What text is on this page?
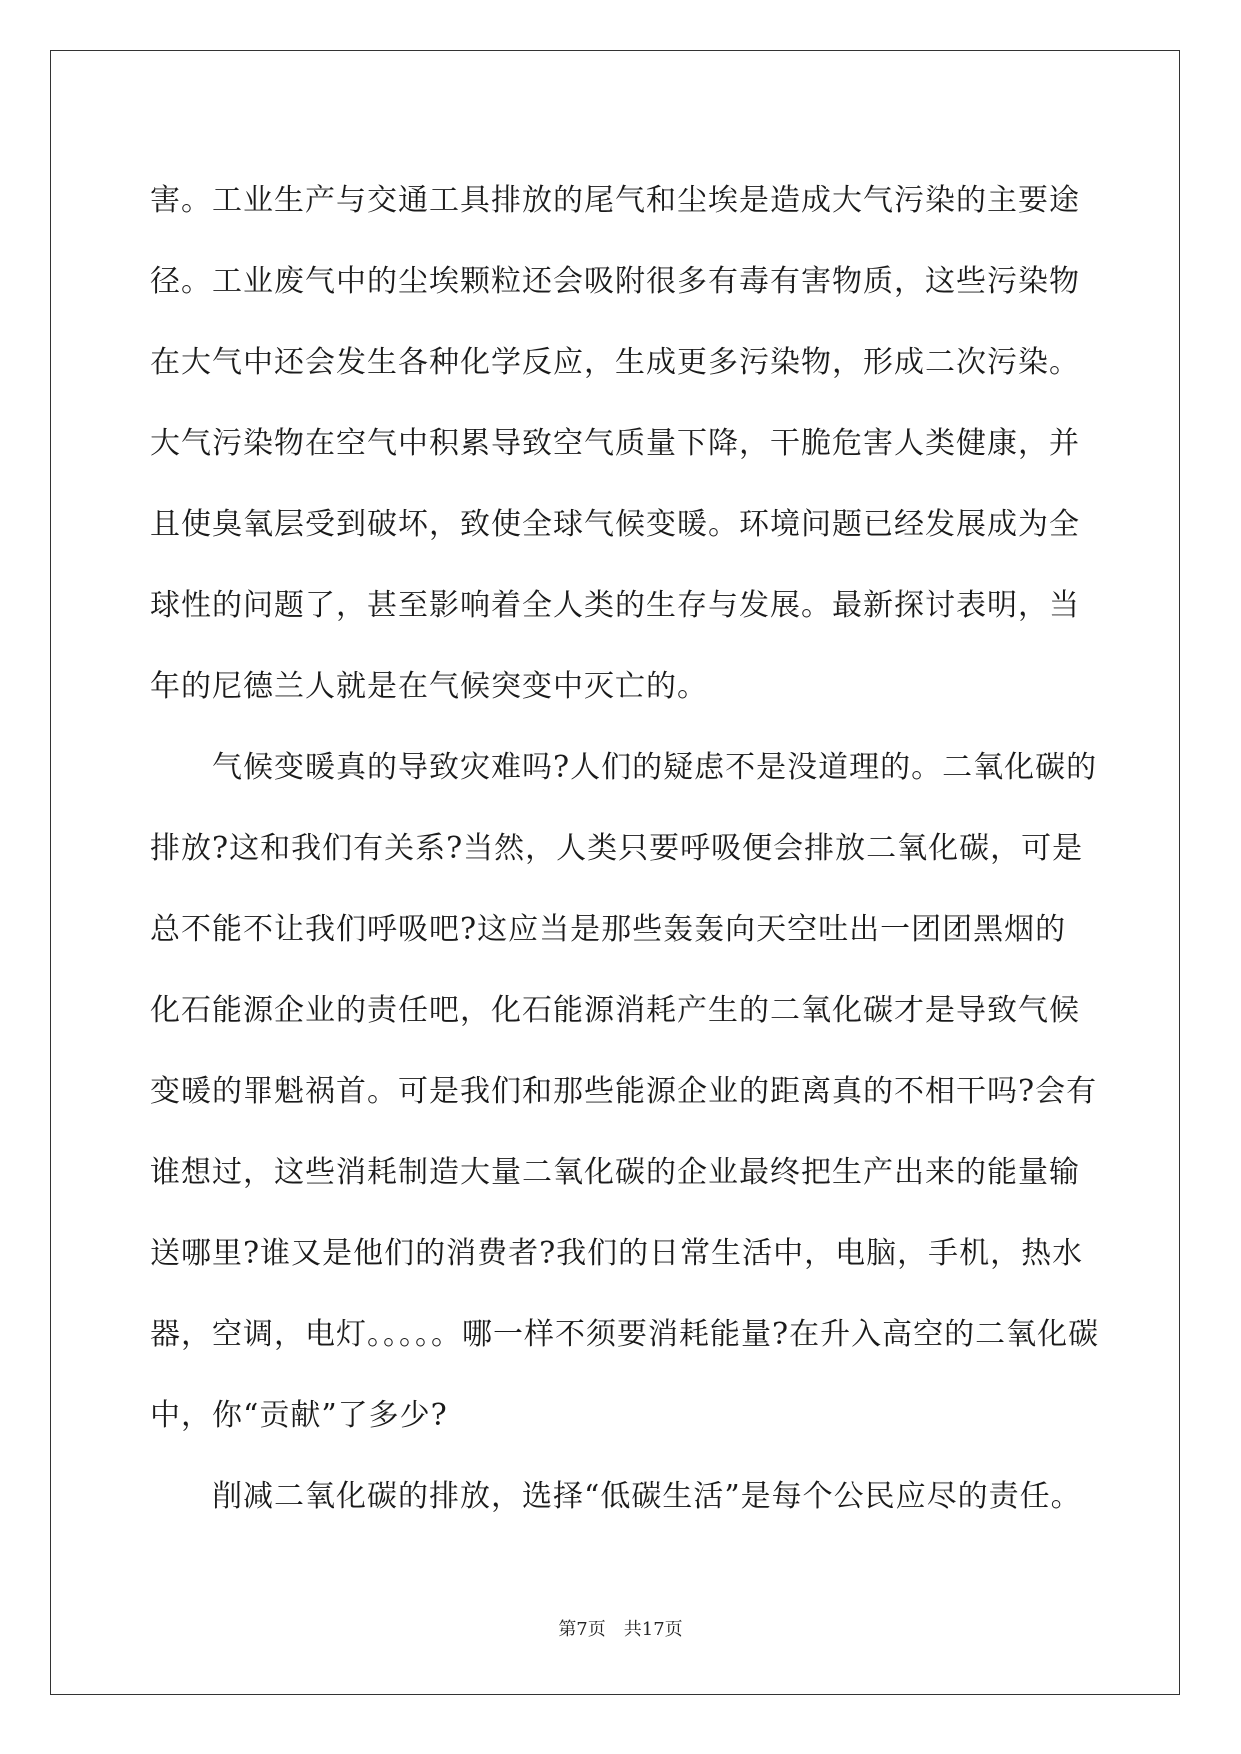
害。工业生产与交通工具排放的尾气和尘埃是造成大气污染的主要途
径。工业废气中的尘埃颗粒还会吸附很多有毒有害物质，这些污染物
在大气中还会发生各种化学反应，生成更多污染物，形成二次污染。
大气污染物在空气中积累导致空气质量下降，干脆危害人类健康，并
且使臭氧层受到破坏，致使全球气候变暖。环境问题已经发展成为全
球性的问题了，甚至影响着全人类的生存与发展。最新探讨表明，当
年的尼德兰人就是在气候突变中灭亡的。
气候变暖真的导致灾难吗?人们的疑虑不是没道理的。二氧化碳的
排放?这和我们有关系?当然，人类只要呼吸便会排放二氧化碳，可是
总不能不让我们呼吸吧?这应当是那些轰轰向天空吐出一团团黑烟的
化石能源企业的责任吧，化石能源消耗产生的二氧化碳才是导致气候
变暖的罪魁祸首。可是我们和那些能源企业的距离真的不相干吗?会有
谁想过，这些消耗制造大量二氧化碳的企业最终把生产出来的能量输
送哪里?谁又是他们的消费者?我们的日常生活中，电脑，手机，热水
器，空调，电灯。。。。。哪一样不须要消耗能量?在升入高空的二氧化碳
中，你“贡献”了多少?
削减二氧化碳的排放，选择“低碳生活”是每个公民应尽的责任。
第7页　共17页
